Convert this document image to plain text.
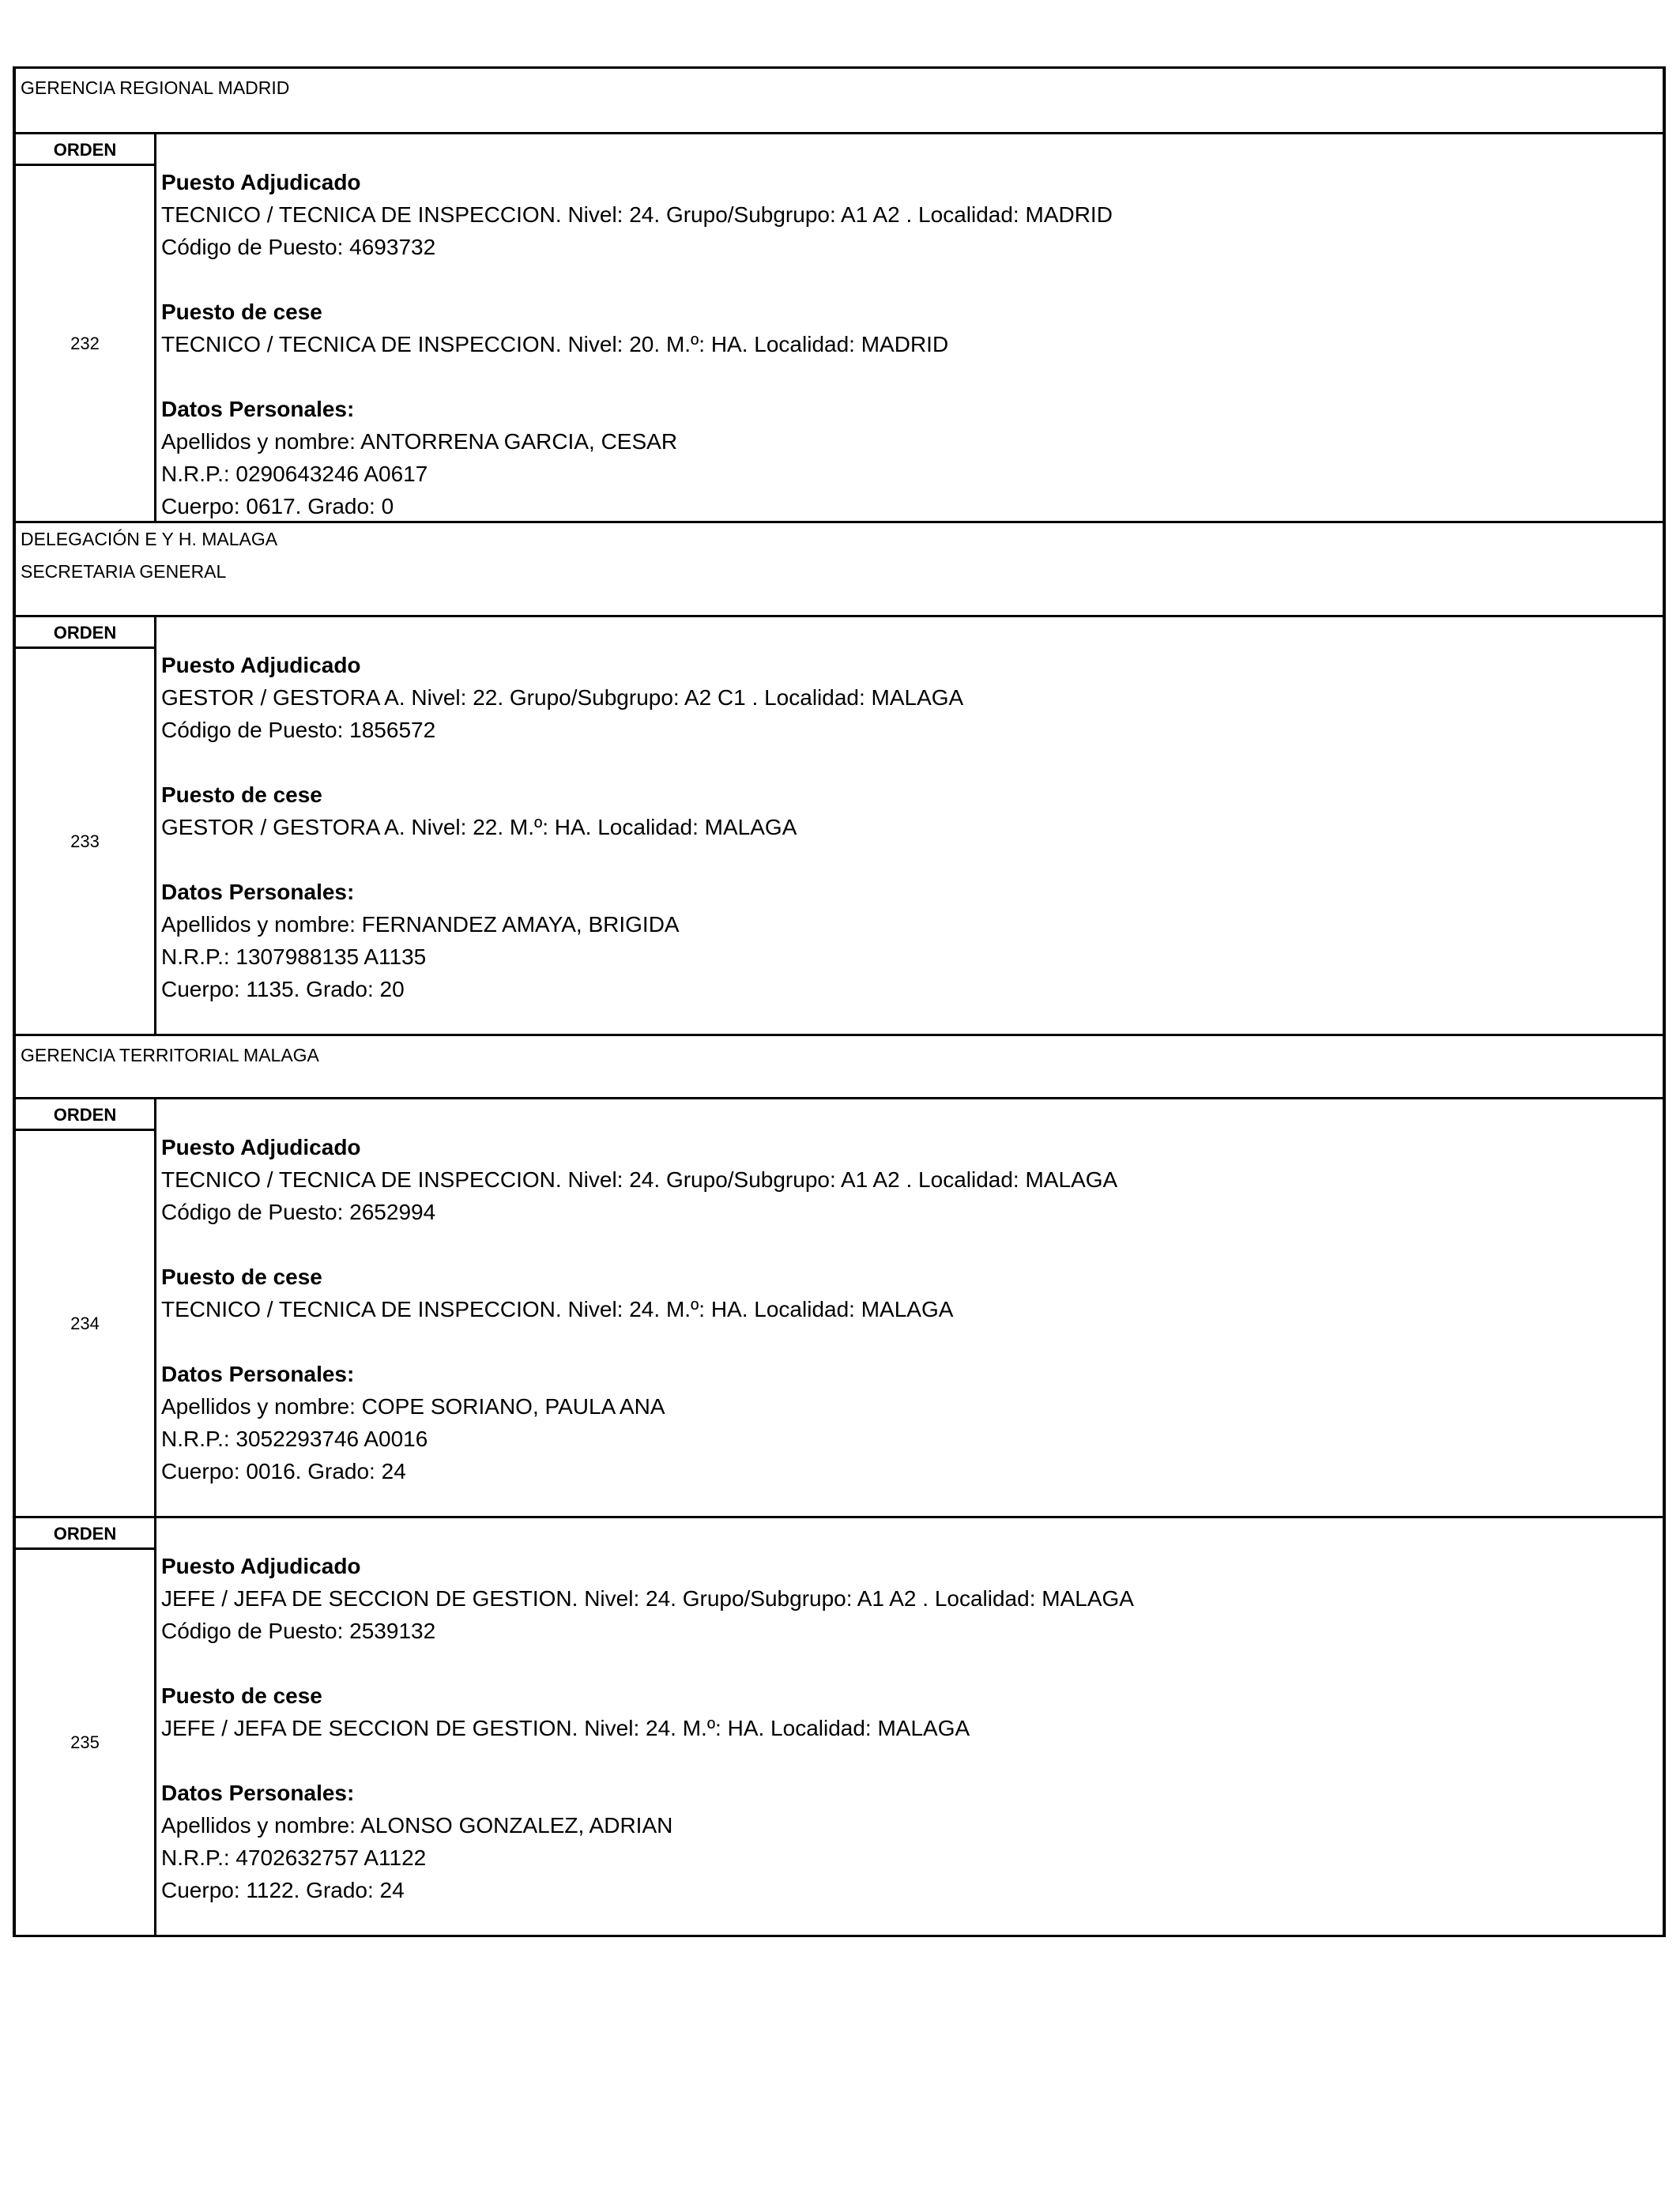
GERENCIA REGIONAL MADRID
ORDEN
232
Puesto Adjudicado
TECNICO / TECNICA DE INSPECCION. Nivel: 24. Grupo/Subgrupo: A1 A2 . Localidad: MADRID
Código de Puesto: 4693732
Puesto de cese
TECNICO / TECNICA DE INSPECCION. Nivel: 20. M.º: HA. Localidad: MADRID
Datos Personales:
Apellidos y nombre: ANTORRENA GARCIA, CESAR
N.R.P.: 0290643246 A0617
Cuerpo: 0617. Grado: 0
DELEGACIÓN E Y H. MALAGA
SECRETARIA GENERAL
ORDEN
233
Puesto Adjudicado
GESTOR / GESTORA A. Nivel: 22. Grupo/Subgrupo: A2 C1 . Localidad: MALAGA
Código de Puesto: 1856572
Puesto de cese
GESTOR / GESTORA A. Nivel: 22. M.º: HA. Localidad: MALAGA
Datos Personales:
Apellidos y nombre: FERNANDEZ AMAYA, BRIGIDA
N.R.P.: 1307988135 A1135
Cuerpo: 1135. Grado: 20
GERENCIA TERRITORIAL MALAGA
ORDEN
234
Puesto Adjudicado
TECNICO / TECNICA DE INSPECCION. Nivel: 24. Grupo/Subgrupo: A1 A2 . Localidad: MALAGA
Código de Puesto: 2652994
Puesto de cese
TECNICO / TECNICA DE INSPECCION. Nivel: 24. M.º: HA. Localidad: MALAGA
Datos Personales:
Apellidos y nombre: COPE SORIANO, PAULA ANA
N.R.P.: 3052293746 A0016
Cuerpo: 0016. Grado: 24
ORDEN
235
Puesto Adjudicado
JEFE / JEFA DE SECCION DE GESTION. Nivel: 24. Grupo/Subgrupo: A1 A2 . Localidad: MALAGA
Código de Puesto: 2539132
Puesto de cese
JEFE / JEFA DE SECCION DE GESTION. Nivel: 24. M.º: HA. Localidad: MALAGA
Datos Personales:
Apellidos y nombre: ALONSO GONZALEZ, ADRIAN
N.R.P.: 4702632757 A1122
Cuerpo: 1122. Grado: 24
